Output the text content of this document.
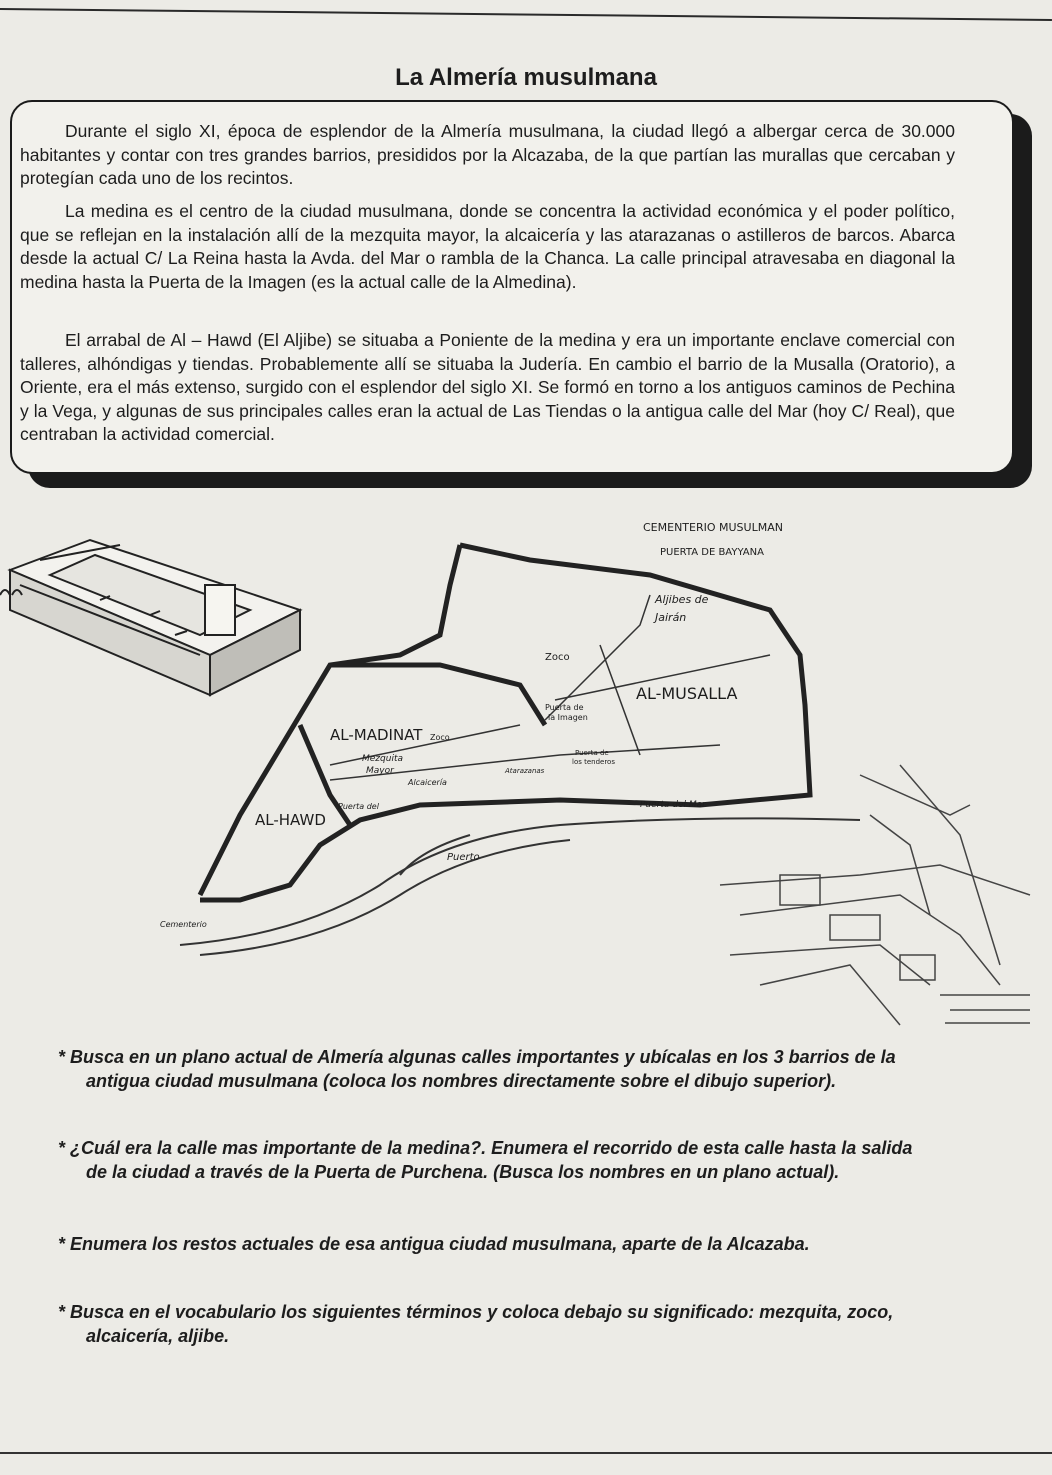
La Almería musulmana
Durante el siglo XI, época de esplendor de la Almería musulmana, la ciudad llegó a albergar cerca de 30.000 habitantes y contar con tres grandes barrios, presididos por la Alcazaba, de la que partían las murallas que cercaban y protegían cada uno de los recintos.
La medina es el centro de la ciudad musulmana, donde se concentra la actividad económica y el poder político, que se reflejan en la instalación allí de la mezquita mayor, la alcaicería y las atarazanas o astilleros de barcos. Abarca desde la actual C/ La Reina hasta la Avda. del Mar o rambla de la Chanca. La calle principal atravesaba en diagonal la medina hasta la Puerta de la Imagen (es la actual calle de la Almedina).
El arrabal de Al – Hawd (El Aljibe) se situaba a Poniente de la medina y era un importante enclave comercial con talleres, alhóndigas y tiendas. Probablemente allí se situaba la Judería. En cambio el barrio de la Musalla (Oratorio), a Oriente, era el más extenso, surgido con el esplendor del siglo XI. Se formó en torno a los antiguos caminos de Pechina y la Vega, y algunas de sus principales calles eran la actual de Las Tiendas o la antigua calle del Mar (hoy C/ Real), que centraban la actividad comercial.
CEMENTERIO MUSULMAN
PUERTA DE BAYYANA
Aljibes de
Jairán
Zoco
AL-MUSALLA
Puerta de
la Imagen
AL-MADINAT Zoco
Mezquita
Mayor
Puerta de
los tenderos
Atarazanas
Alcaicería
Puerta del Mar
Puerta del
AL-HAWD
Puerto
Cementerio
* Busca en un plano actual de Almería algunas calles importantes y ubícalas en los 3 barrios de la
antigua ciudad musulmana (coloca los nombres directamente sobre el dibujo superior).
* ¿Cuál era la calle mas importante de la medina?. Enumera el recorrido de esta calle hasta la salida
de la ciudad a través de la Puerta de Purchena. (Busca los nombres en un plano actual).
* Enumera los restos actuales de esa antigua ciudad musulmana, aparte de la Alcazaba.
* Busca en el vocabulario los siguientes términos y coloca debajo su significado: mezquita, zoco,
alcaicería, aljibe.
